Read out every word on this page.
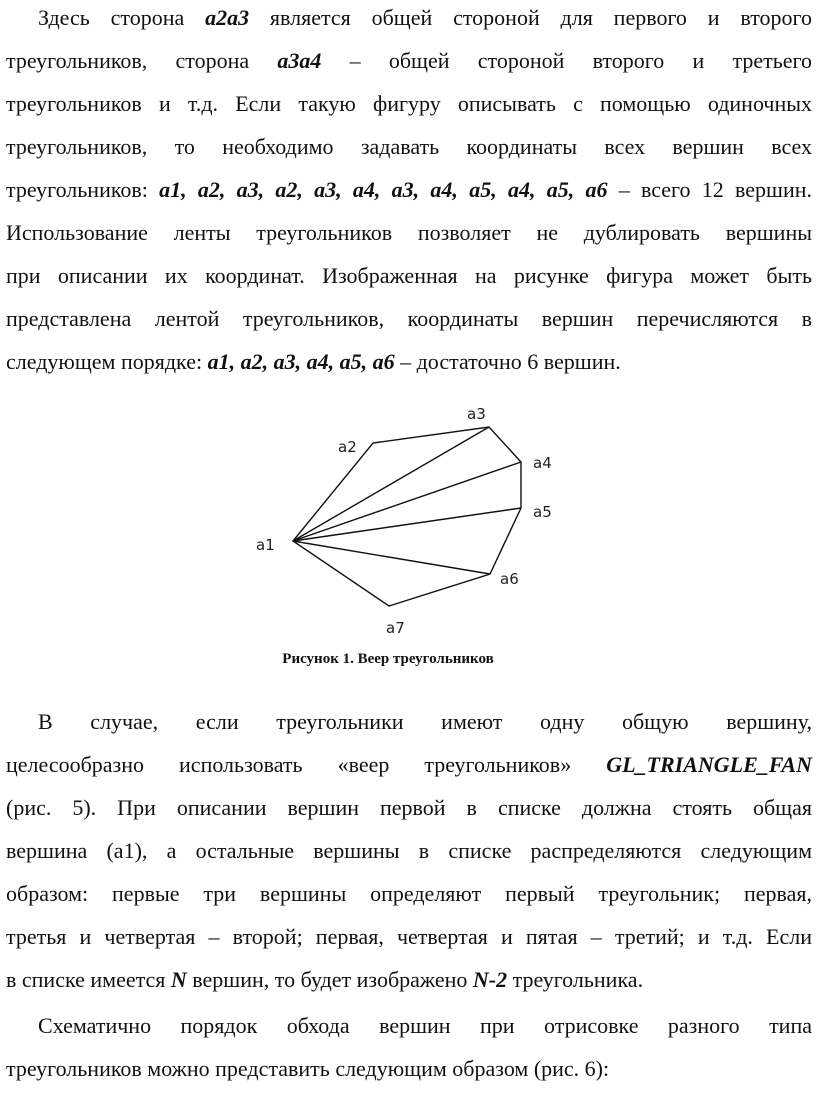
Здесь сторона a2a3 является общей стороной для первого и второго
треугольников, сторона a3a4 – общей стороной второго и третьего
треугольников и т.д. Если такую фигуру описывать с помощью одиночных
треугольников, то необходимо задавать координаты всех вершин всех
треугольников: a1, a2, a3, a2, a3, a4, a3, a4, a5, a4, a5, a6 – всего 12 вершин.
Использование ленты треугольников позволяет не дублировать вершины
при описании их координат. Изображенная на рисунке фигура может быть
представлена лентой треугольников, координаты вершин перечисляются в
следующем порядке: a1, a2, a3, a4, a5, a6 – достаточно 6 вершин.
a1
a2
a3
a4
a5
a6
a7
Рисунок 1. Веер треугольников
В случае, если треугольники имеют одну общую вершину,
целесообразно использовать «веер треугольников» GL_TRIANGLE_FAN
(рис. 5). При описании вершин первой в списке должна стоять общая
вершина (a1), а остальные вершины в списке распределяются следующим
образом: первые три вершины определяют первый треугольник; первая,
третья и четвертая – второй; первая, четвертая и пятая – третий; и т.д. Если
в списке имеется N вершин, то будет изображено N-2 треугольника.
Схематично порядок обхода вершин при отрисовке разного типа
треугольников можно представить следующим образом (рис. 6):
